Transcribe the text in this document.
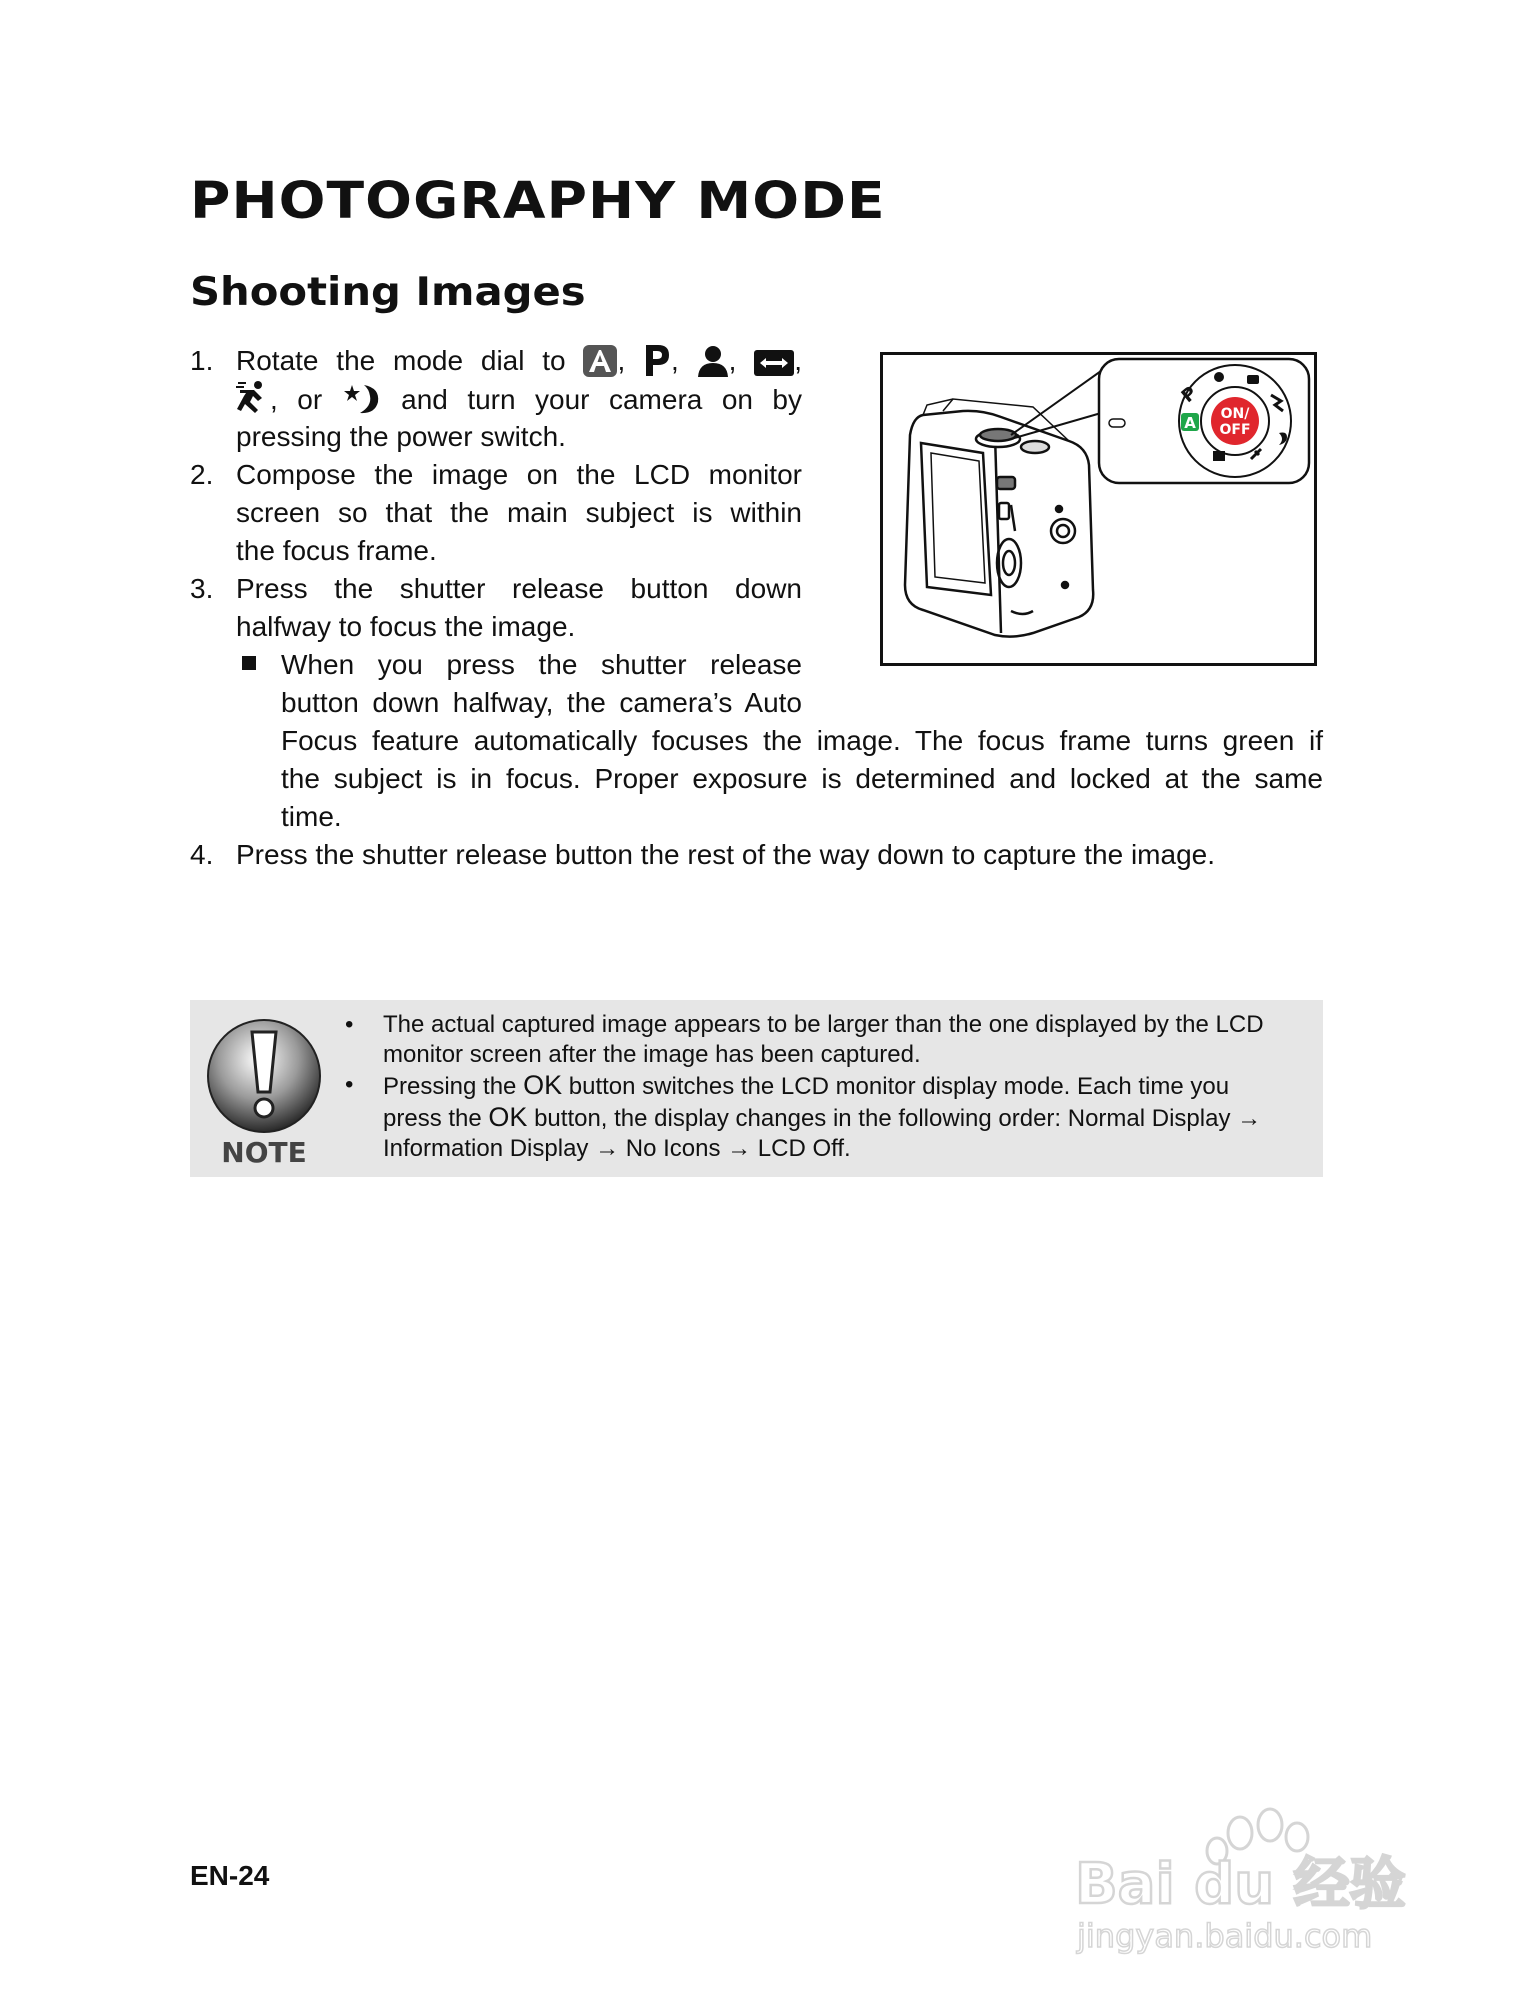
PHOTOGRAPHY MODE
Shooting Images
1. Rotate the mode dial to , , , ,
, or	and turn your camera on by
pressing the power switch.
2. Compose the image on the LCD monitor
screen so that the main subject is within
the focus frame.
3. Press the shutter release button down
halfway to focus the image.
When you press the shutter release
button down halfway, the camera’s Auto
Focus feature automatically focuses the image. The focus frame turns green if
the subject is in focus. Proper exposure is determined and locked at the same
time.
4. Press the shutter release button the rest of the way down to capture the image.
ON/
OFF
A
P
NOTE
• The actual captured image appears to be larger than the one displayed by the LCD monitor screen after the image has been captured.
• Pressing the OK button switches the LCD monitor display mode. Each time you press the OK button, the display changes in the following order: Normal Display → Information Display → No Icons → LCD Off.
EN-24	Bai du 经验
jingyan.baidu.com
